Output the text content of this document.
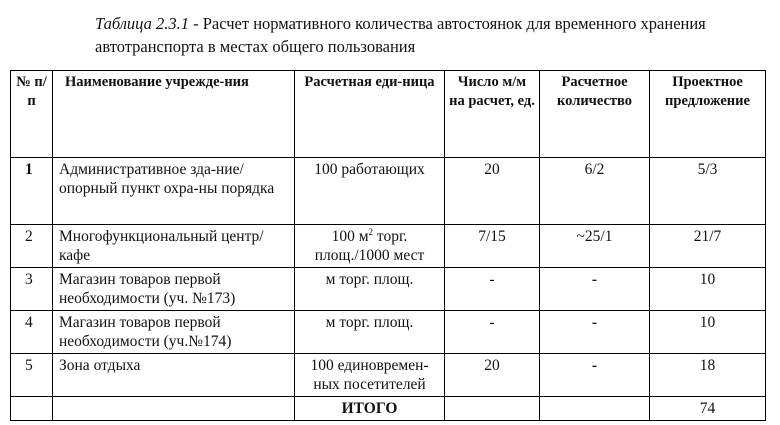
Таблица 2.3.1 - Расчет нормативного количества автостоянок для временного хранения автотранспорта в местах общего пользования
№ п/п	Наименование учрежде-ния	Расчетная еди-ница	Число м/м на расчет, ед.	Расчетное количество	Проектное предложение
1	Административное зда-ние/опорный пункт охра-ны порядка	100 работающих	20	6/2	5/3
2	Многофункциональный центр/кафе	100 $м^2$ торг. площ./1000 мест	7/15	~25/1	21/7
3	Магазин товаров первой необходимости (уч. №173)	м торг. площ.	-	-	10
4	Магазин товаров первой необходимости (уч.№174)	м торг. площ.	-	-	10
5	Зона отдыха	100 единовремен-ных посетителей	20	-	18
		ИТОГО			74
